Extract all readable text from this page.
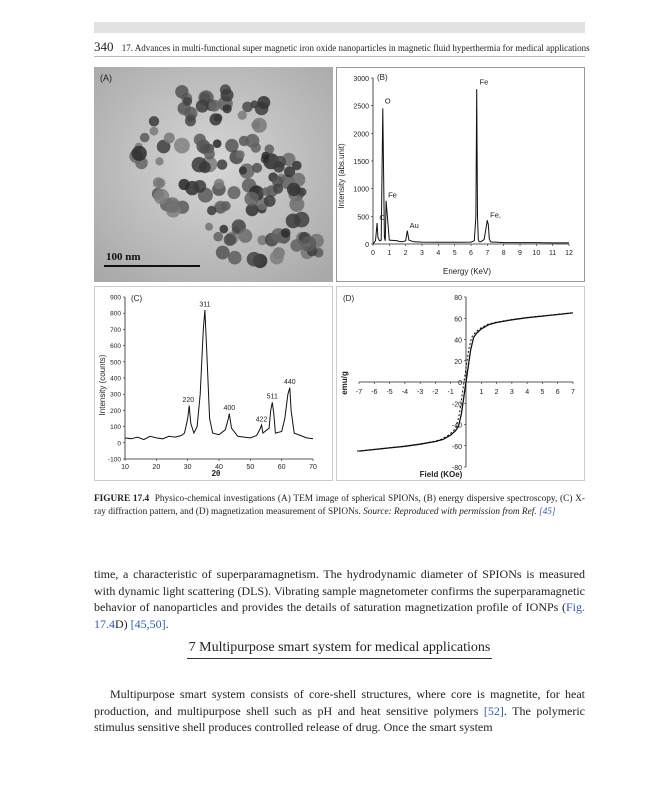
340 17. Advances in multi-functional super magnetic iron oxide nanoparticles in magnetic fluid hyperthermia for medical applications
(A)
100 nm
(B)
0
500
1000
1500
2000
2500
3000
0 1 2 3 4 5 6 7 8 9 10 11 12
C
O
Fe
Au
Fe
Fe,
Intensity (abs.unit)
Energy (KeV)
(C)
-100
0
100
200
300
400
500
600
700
800
900
10	20	30	40	50	60	70
220
311
400
422
511
440
Intensity (counts)
2θ
(D)
-80
-60
-40
-20
0
20
40
60
80
-7 -6 -5 -4 -3 -2 -1	1 2 3 4 5 6 7
emu/g
Field (KOe)
FIGURE 17.4 Physico-chemical investigations (A) TEM image of spherical SPIONs, (B) energy dispersive spectroscopy, (C) X-ray diffraction pattern, and (D) magnetization measurement of SPIONs. Source: Reproduced with permission from Ref. [45]

time, a characteristic of superparamagnetism. The hydrodynamic diameter of SPIONs is measured with dynamic light scattering (DLS). Vibrating sample magnetometer confirms the superparamagnetic behavior of nanoparticles and provides the details of saturation magnetization profile of IONPs (Fig. 17.4D) [45,50].

7 Multipurpose smart system for medical applications

Multipurpose smart system consists of core-shell structures, where core is magnetite, for heat production, and multipurpose shell such as pH and heat sensitive polymers [52]. The polymeric stimulus sensitive shell produces controlled release of drug. Once the smart system
